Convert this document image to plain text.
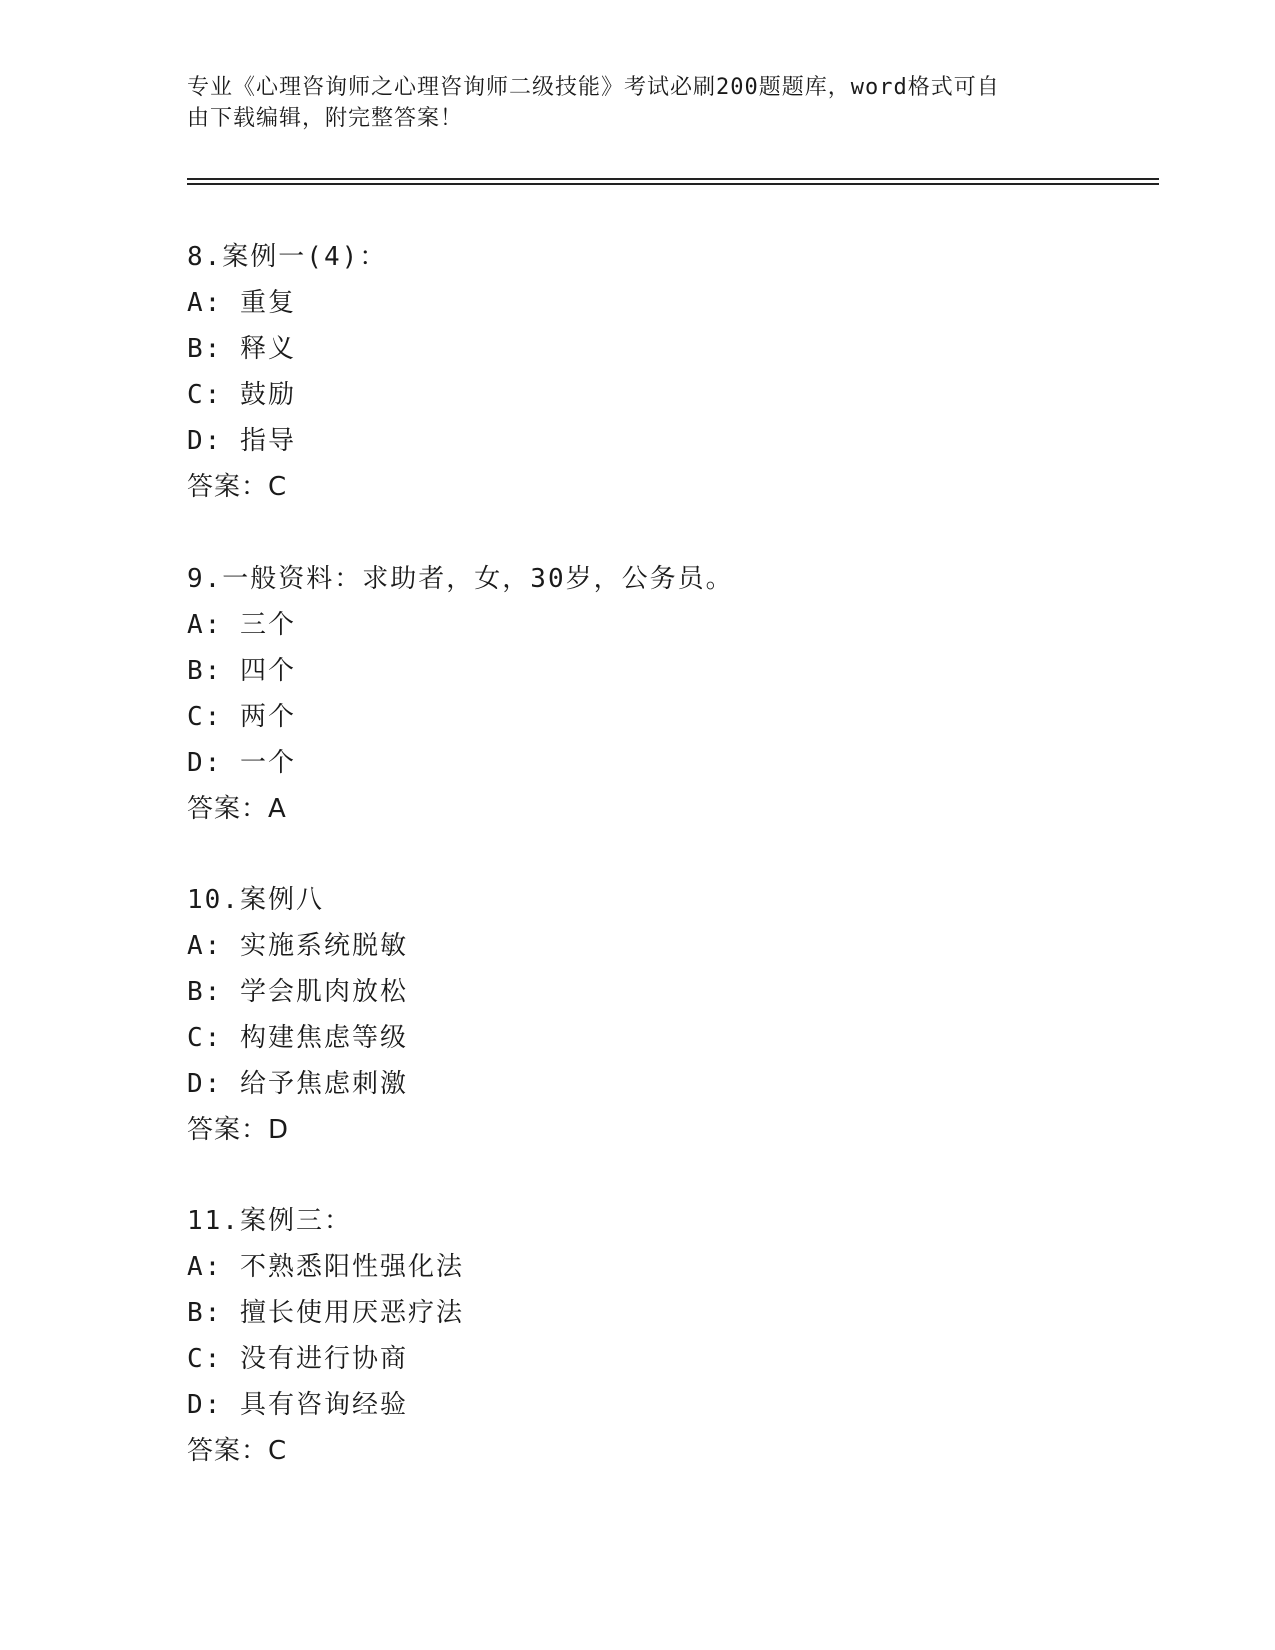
专业《心理咨询师之心理咨询师二级技能》考试必刷200题题库，word格式可自
由下载编辑，附完整答案！
8.案例一(4)：
A: 重复
B: 释义
C: 鼓励
D: 指导
答案：C
9.一般资料：求助者，女，30岁，公务员。
A: 三个
B: 四个
C: 两个
D: 一个
答案：A
10.案例八
A: 实施系统脱敏
B: 学会肌肉放松
C: 构建焦虑等级
D: 给予焦虑刺激
答案：D
11.案例三：
A: 不熟悉阳性强化法
B: 擅长使用厌恶疗法
C: 没有进行协商
D: 具有咨询经验
答案：C
